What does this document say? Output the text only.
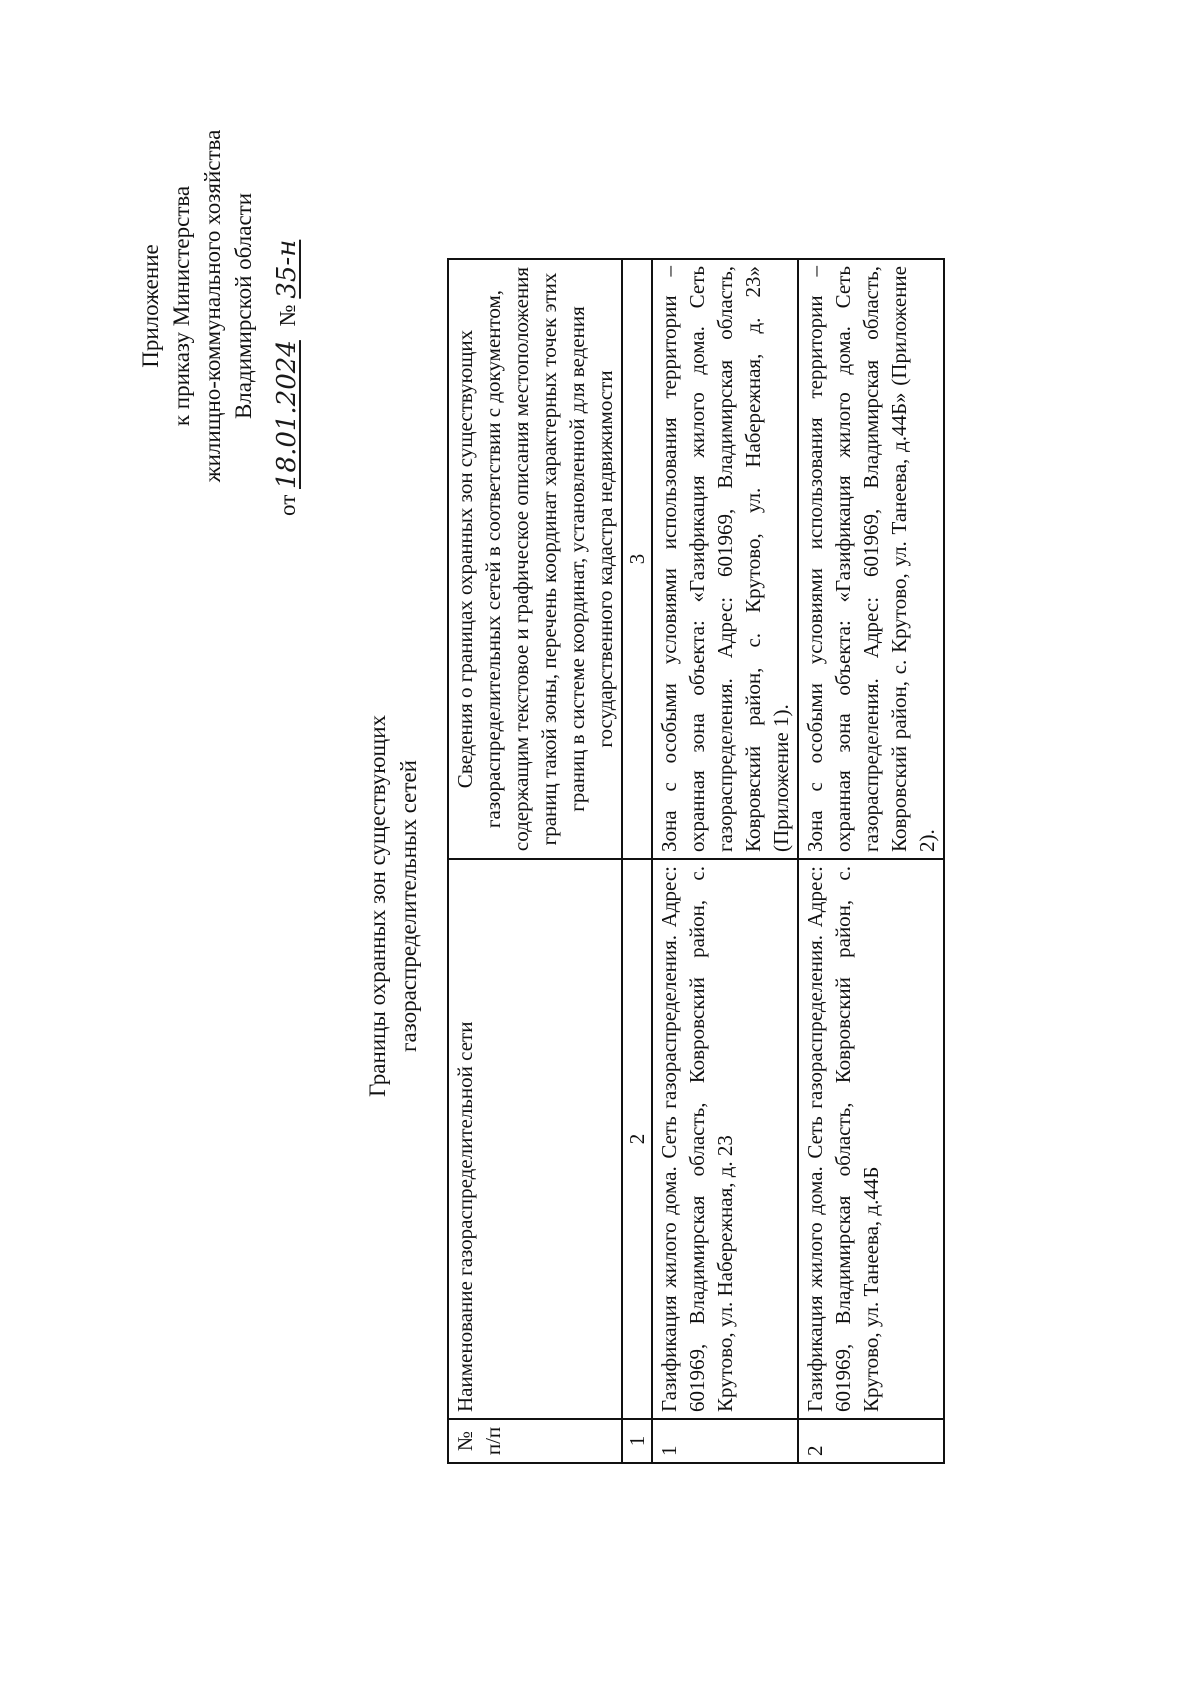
Приложение к приказу Министерства жилищно-коммунального хозяйства Владимирской области
от 18.01.2024 № 35-н
Границы охранных зон существующих газораспределительных сетей
№ п/п	Наименование газораспределительной сети	Сведения о границах охранных зон существующих газораспределительных сетей в соответствии с документом, содержащим текстовое и графическое описания местоположения границ такой зоны, перечень координат характерных точек этих границ в системе координат, установленной для ведения государственного кадастра недвижимости
1	2	3
1	Газификация жилого дома. Сеть газораспределения. Адрес: 601969, Владимирская область, Ковровский район, с. Крутово, ул. Набережная, д. 23	Зона с особыми условиями использования территории – охранная зона объекта: «Газификация жилого дома. Сеть газораспределения. Адрес: 601969, Владимирская область, Ковровский район, с. Крутово, ул. Набережная, д. 23» (Приложение 1).
2	Газификация жилого дома. Сеть газораспределения. Адрес: 601969, Владимирская область, Ковровский район, с. Крутово, ул. Танеева, д.44Б	Зона с особыми условиями использования территории – охранная зона объекта: «Газификация жилого дома. Сеть газораспределения. Адрес: 601969, Владимирская область, Ковровский район, с. Крутово, ул. Танеева, д.44Б» (Приложение 2).
